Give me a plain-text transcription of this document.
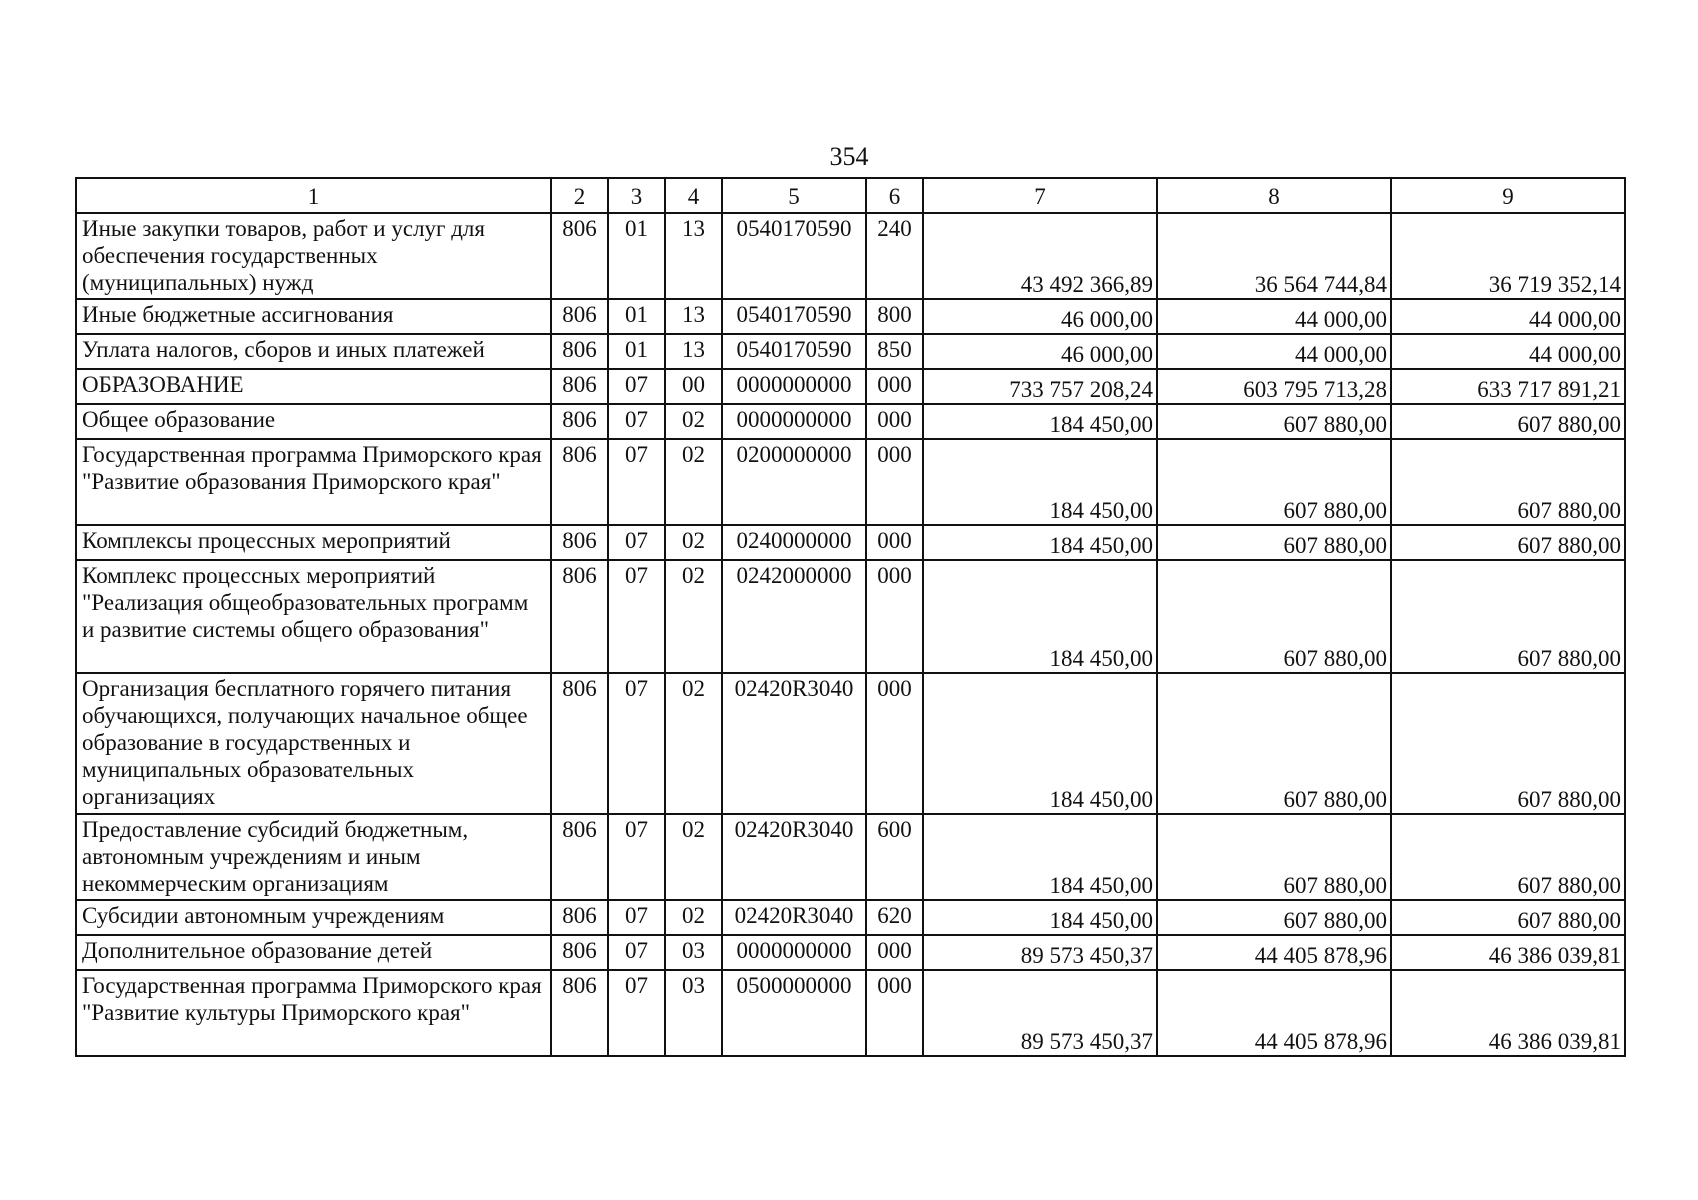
354
1	2	3	4	5	6	7	8	9
Иные закупки товаров, работ и услуг для обеспечения государственных (муниципальных) нужд	806	01	13	0540170590	240	43 492 366,89	36 564 744,84	36 719 352,14
Иные бюджетные ассигнования	806	01	13	0540170590	800	46 000,00	44 000,00	44 000,00
Уплата налогов, сборов и иных платежей	806	01	13	0540170590	850	46 000,00	44 000,00	44 000,00
ОБРАЗОВАНИЕ	806	07	00	0000000000	000	733 757 208,24	603 795 713,28	633 717 891,21
Общее образование	806	07	02	0000000000	000	184 450,00	607 880,00	607 880,00
Государственная программа Приморского края "Развитие образования Приморского края"	806	07	02	0200000000	000	184 450,00	607 880,00	607 880,00
Комплексы процессных мероприятий	806	07	02	0240000000	000	184 450,00	607 880,00	607 880,00
Комплекс процессных мероприятий "Реализация общеобразовательных программ и развитие системы общего образования"	806	07	02	0242000000	000	184 450,00	607 880,00	607 880,00
Организация бесплатного горячего питания обучающихся, получающих начальное общее образование в государственных и муниципальных образовательных организациях	806	07	02	02420R3040	000	184 450,00	607 880,00	607 880,00
Предоставление субсидий бюджетным, автономным учреждениям и иным некоммерческим организациям	806	07	02	02420R3040	600	184 450,00	607 880,00	607 880,00
Субсидии автономным учреждениям	806	07	02	02420R3040	620	184 450,00	607 880,00	607 880,00
Дополнительное образование детей	806	07	03	0000000000	000	89 573 450,37	44 405 878,96	46 386 039,81
Государственная программа Приморского края "Развитие культуры Приморского края"	806	07	03	0500000000	000	89 573 450,37	44 405 878,96	46 386 039,81
